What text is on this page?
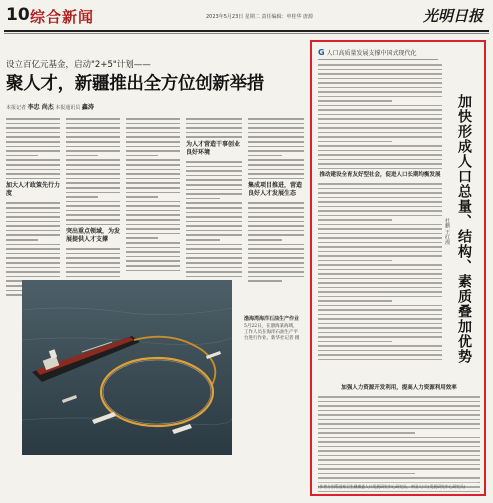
10 综合新闻	2023年5月23日 星期二 责任编辑：申桂华 唐源	光明日报
设立百亿元基金，启动"2+5"计划——
聚人才，新疆推出全方位创新举措
本报记者 李忠 尚杰 本报通讯员 鑫涛
加大人才政策先行力度
突出重点领域，为发展提供人才支撑
为人才营造干事创业良好环境
集成项目推进，营造良好人才发展生态
渤海湾海洋石油生产作业
5月22日，在渤海某海域，工作人员在海洋石油生产平台进行作业。新华社记者 摄
G 人口高质量发展支撑中国式现代化
推动建设全育友好型社会，促进人口长期均衡发展 加快形成人口总量、结构、素质叠加优势
杜鹏 王红漫
加强人力资源开发利用，提高人力资源利用效率
(作者分别系国家卫生健康委人口发展研究中心研究员、中国人口与发展研究中心研究员)
